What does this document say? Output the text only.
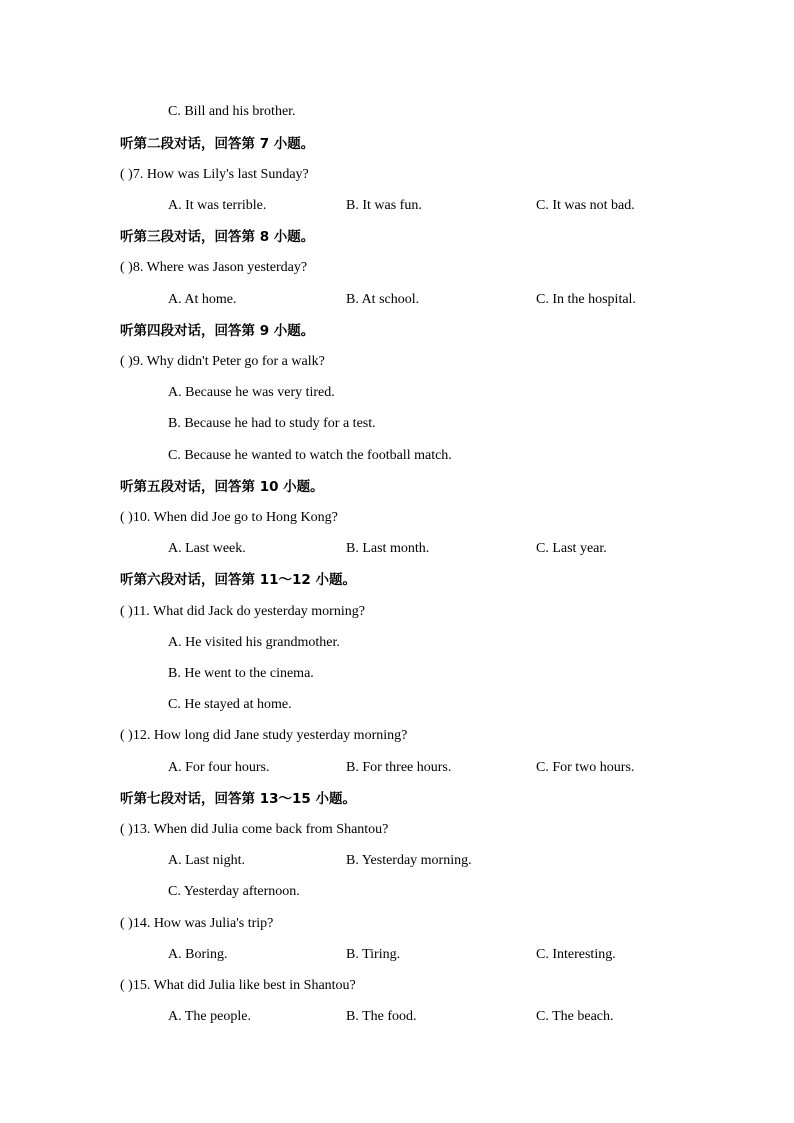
C. Bill and his brother.
听第二段对话，回答第 7 小题。
( )7. How was Lily's last Sunday?
A. It was terrible.	B. It was fun.	C. It was not bad.
听第三段对话，回答第 8 小题。
( )8. Where was Jason yesterday?
A. At home.	B. At school.	C. In the hospital.
听第四段对话，回答第 9 小题。
( )9. Why didn't Peter go for a walk?
A. Because he was very tired.
B. Because he had to study for a test.
C. Because he wanted to watch the football match.
听第五段对话，回答第 10 小题。
( )10. When did Joe go to Hong Kong?
A. Last week.	B. Last month.	C. Last year.
听第六段对话，回答第 11～12 小题。
( )11. What did Jack do yesterday morning?
A. He visited his grandmother.
B. He went to the cinema.
C. He stayed at home.
( )12. How long did Jane study yesterday morning?
A. For four hours.	B. For three hours.	C. For two hours.
听第七段对话，回答第 13～15 小题。
( )13. When did Julia come back from Shantou?
A. Last night.	B. Yesterday morning.
C. Yesterday afternoon.
( )14. How was Julia's trip?
A. Boring.	B. Tiring.	C. Interesting.
( )15. What did Julia like best in Shantou?
A. The people.	B. The food.	C. The beach.
